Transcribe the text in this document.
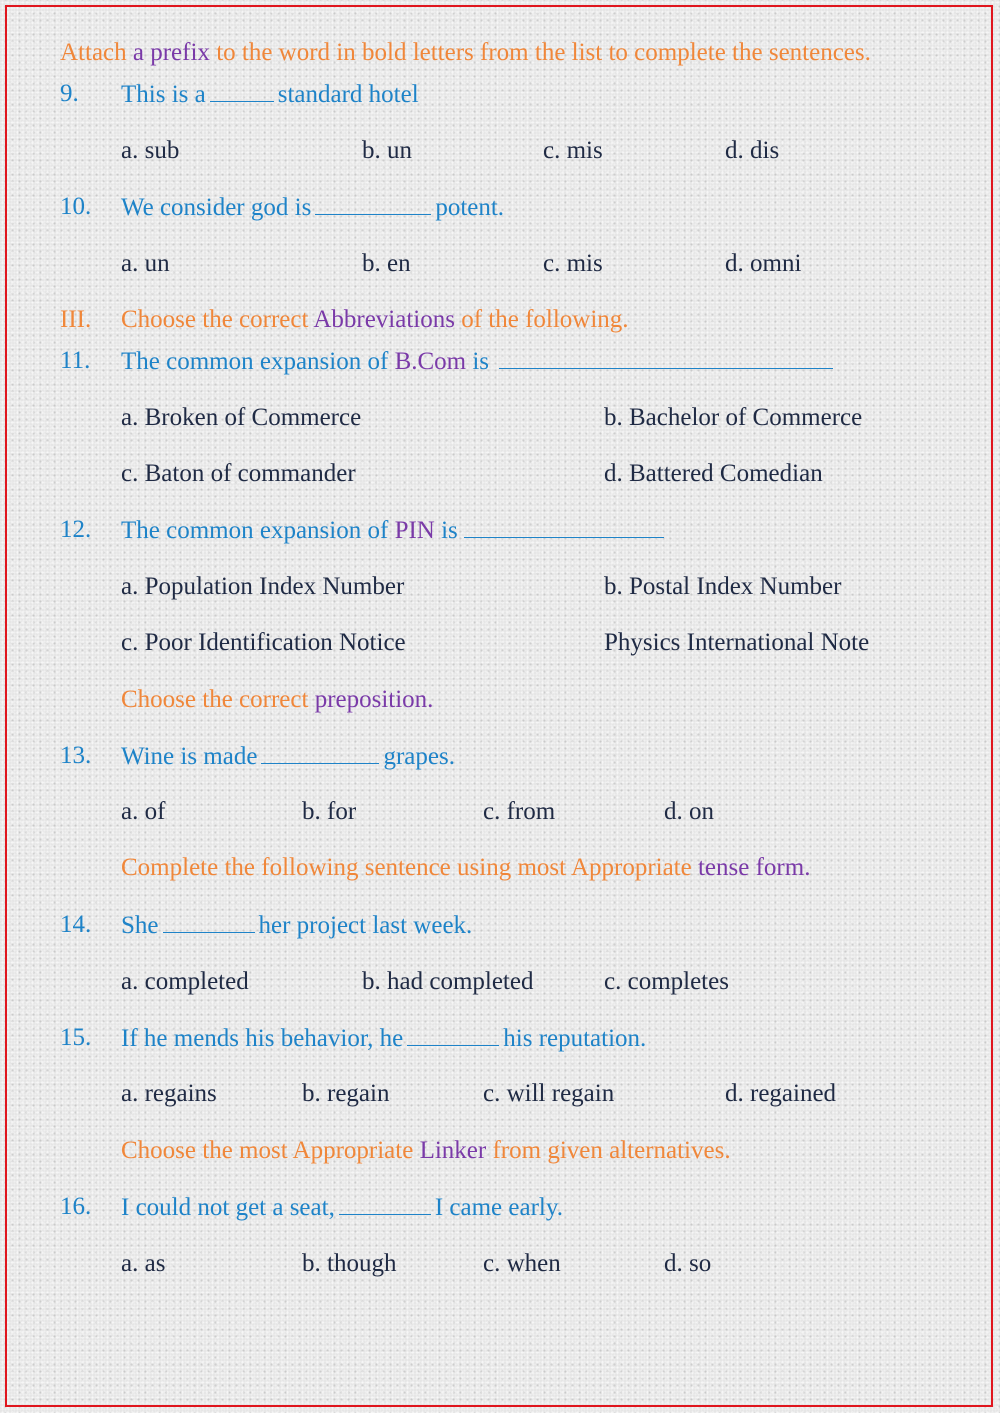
Attach a prefix to the word in bold letters from the list to complete the sentences.
9. This is a	standard hotel
a. sub	b. un	c. mis	d. dis
10. We consider god is	potent.
a. un	b. en	c. mis	d. omni
III. Choose the correct Abbreviations of the following.
11. The common expansion of B.Com is
a. Broken of Commerce	b. Bachelor of Commerce
c. Baton of commander	d. Battered Comedian
12. The common expansion of PIN is
a. Population Index Number	b. Postal Index Number
c. Poor Identification Notice	Physics International Note
Choose the correct preposition.
13. Wine is made	grapes.
a. of	b. for	c. from	d. on
Complete the following sentence using most Appropriate tense form.
14. She	her project last week.
a. completed	b. had completed	c. completes
15. If he mends his behavior, he	his reputation.
a. regains	b. regain	c. will regain	d. regained
Choose the most Appropriate Linker from given alternatives.
16. I could not get a seat,	I came early.
a. as	b. though	c. when	d. so
